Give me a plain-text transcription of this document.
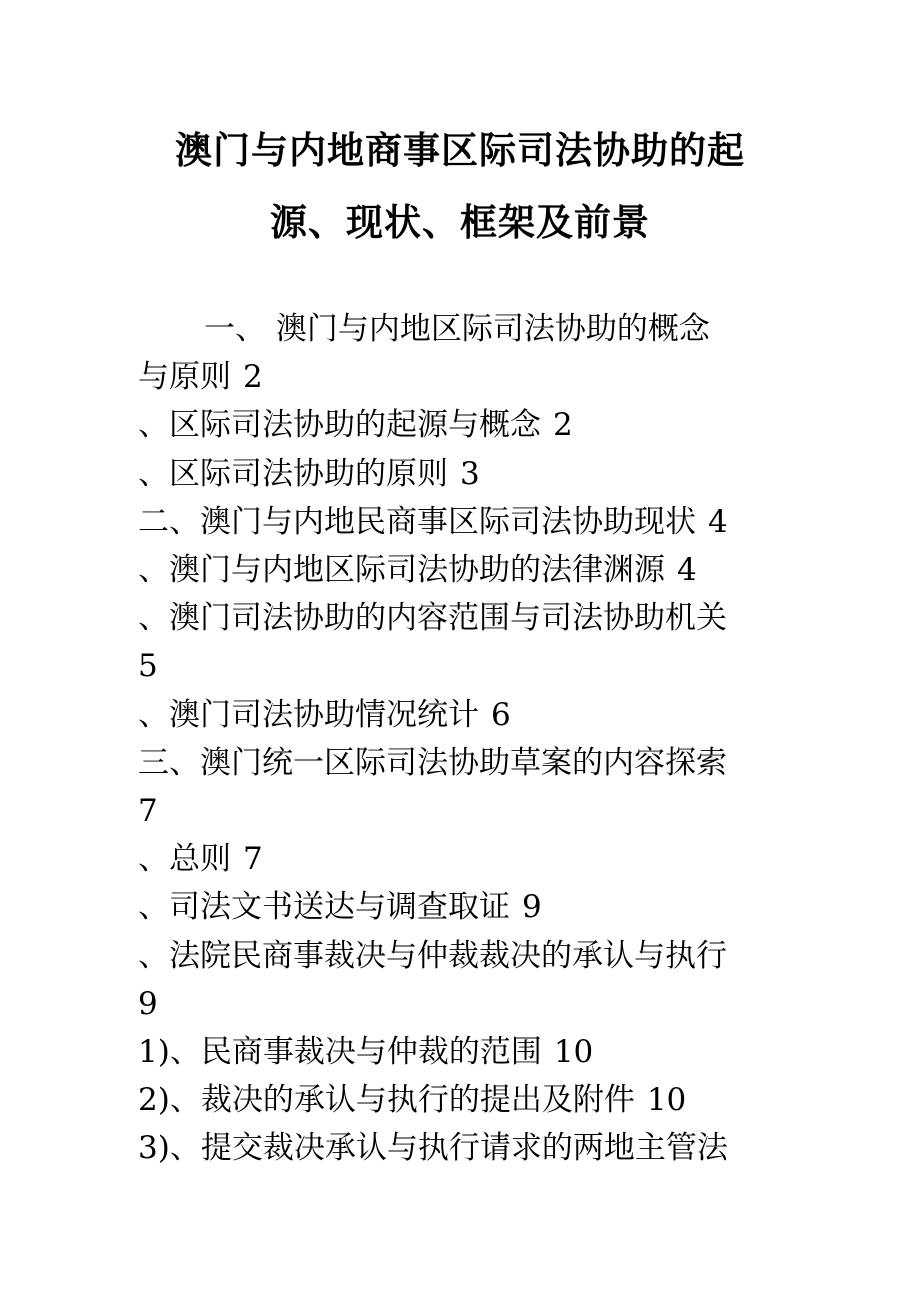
澳门与内地商事区际司法协助的起
源、现状、框架及前景
一、 澳门与内地区际司法协助的概念
与原则 2
、区际司法协助的起源与概念 2
、区际司法协助的原则 3
二、澳门与内地民商事区际司法协助现状 4
、澳门与内地区际司法协助的法律渊源 4
、澳门司法协助的内容范围与司法协助机关
5
、澳门司法协助情况统计 6
三、澳门统一区际司法协助草案的内容探索
7
、总则 7
、司法文书送达与调查取证 9
、法院民商事裁决与仲裁裁决的承认与执行
9
1)、民商事裁决与仲裁的范围 10
2)、裁决的承认与执行的提出及附件 10
3)、提交裁决承认与执行请求的两地主管法
